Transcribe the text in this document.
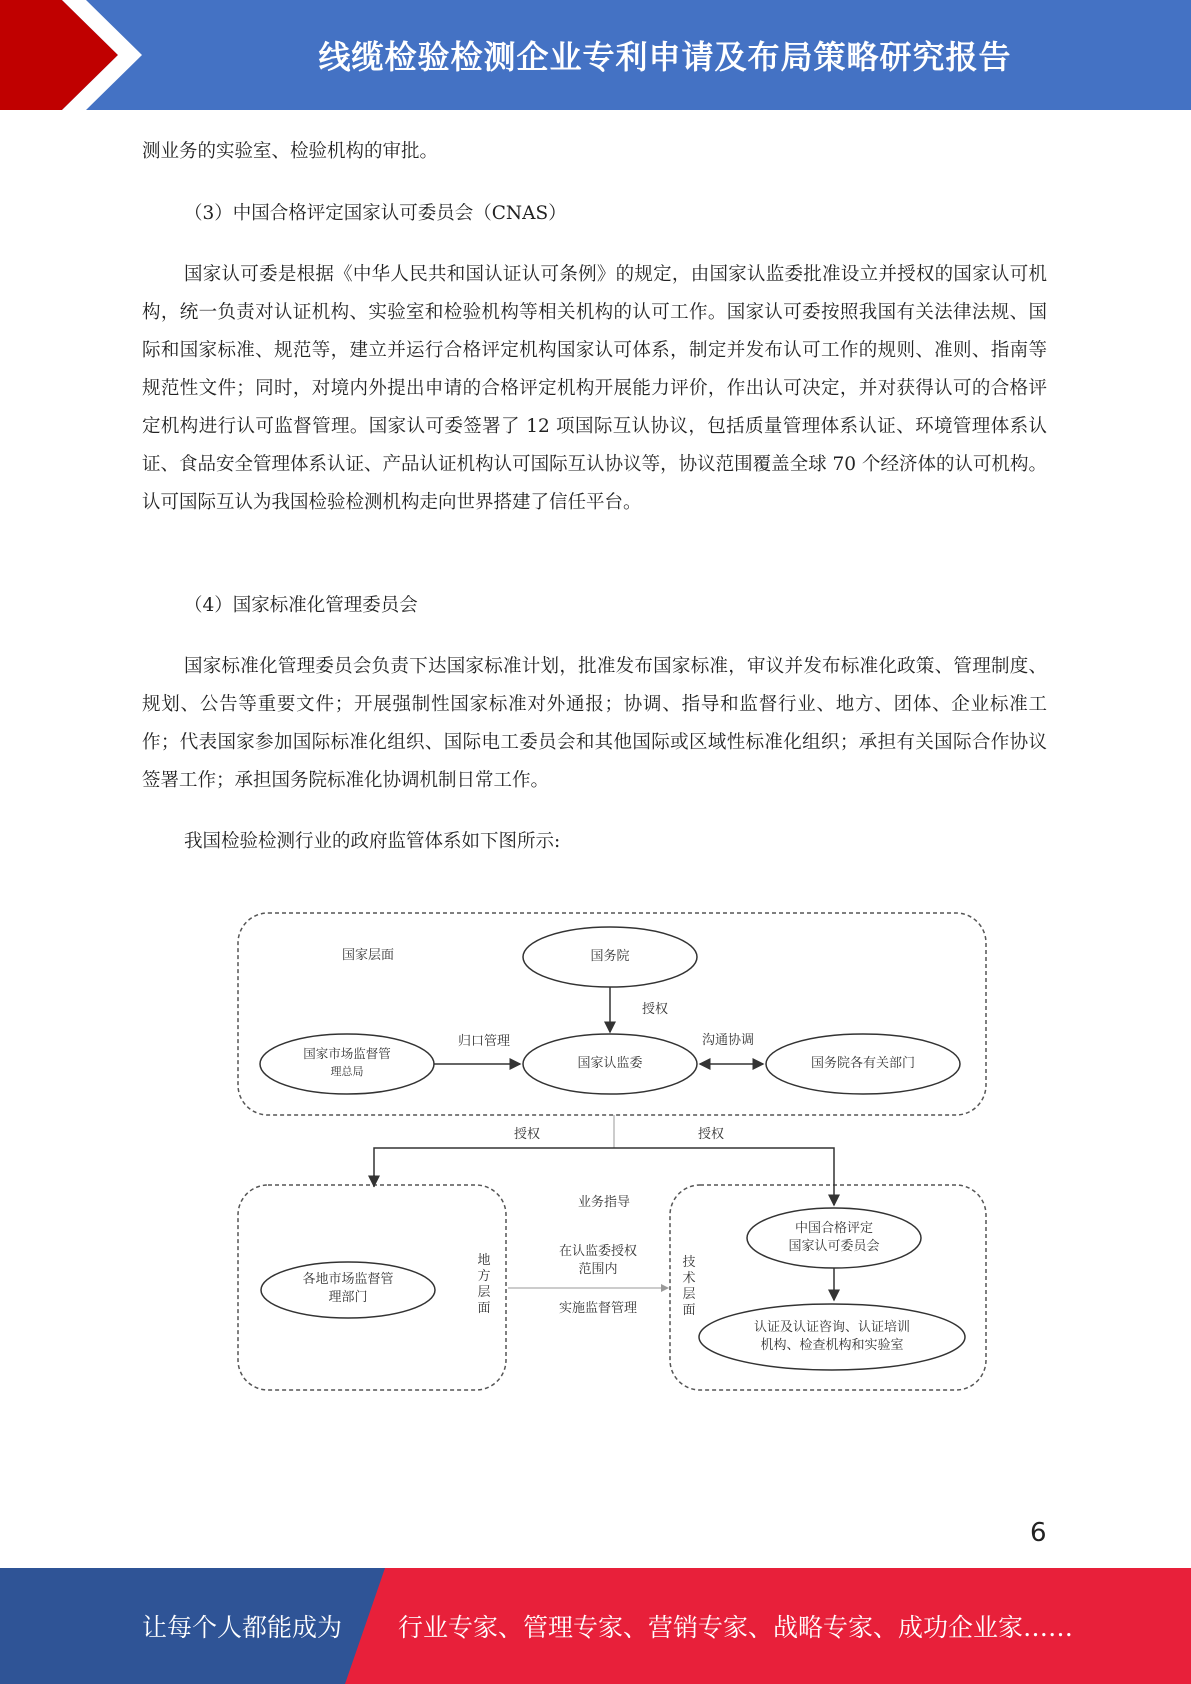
线缆检验检测企业专利申请及布局策略研究报告
测业务的实验室、检验机构的审批。
（3）中国合格评定国家认可委员会（CNAS）
国家认可委是根据《中华人民共和国认证认可条例》的规定，由国家认监委批准设立并授权的国家认可机构，统一负责对认证机构、实验室和检验机构等相关机构的认可工作。国家认可委按照我国有关法律法规、国际和国家标准、规范等，建立并运行合格评定机构国家认可体系，制定并发布认可工作的规则、准则、指南等规范性文件；同时，对境内外提出申请的合格评定机构开展能力评价，作出认可决定，并对获得认可的合格评定机构进行认可监督管理。国家认可委签署了 12 项国际互认协议，包括质量管理体系认证、环境管理体系认证、食品安全管理体系认证、产品认证机构认可国际互认协议等，协议范围覆盖全球 70 个经济体的认可机构。认可国际互认为我国检验检测机构走向世界搭建了信任平台。
（4）国家标准化管理委员会
国家标准化管理委员会负责下达国家标准计划，批准发布国家标准，审议并发布标准化政策、管理制度、规划、公告等重要文件；开展强制性国家标准对外通报；协调、指导和监督行业、地方、团体、企业标准工作；代表国家参加国际标准化组织、国际电工委员会和其他国际或区域性标准化组织；承担有关国际合作协议签署工作；承担国务院标准化协调机制日常工作。
我国检验检测行业的政府监管体系如下图所示:
国家层面	国务院
授权
国家市场监督管
理总局
归口管理
国家认监委
沟通协调
国务院各有关部门
授权	授权
业务指导
各地市场监督管
理部门
地方层面
在认监委授权
范围内
实施监督管理
技术层面
中国合格评定
国家认可委员会
认证及认证咨询、认证培训
机构、检查机构和实验室
6
让每个人都能成为 行业专家、管理专家、营销专家、战略专家、成功企业家……
